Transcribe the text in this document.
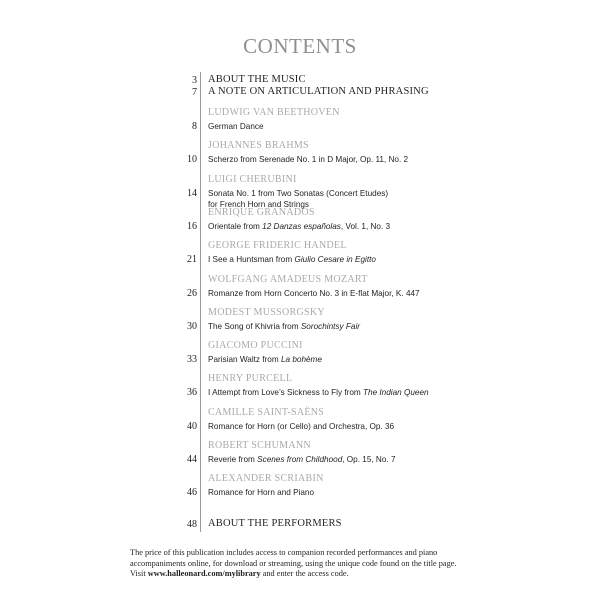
CONTENTS
3 ABOUT THE MUSIC
7 A NOTE ON ARTICULATION AND PHRASING
LUDWIG VAN BEETHOVEN
8 German Dance
JOHANNES BRAHMS
10 Scherzo from Serenade No. 1 in D Major, Op. 11, No. 2
LUIGI CHERUBINI
14 Sonata No. 1 from Two Sonatas (Concert Etudes)
for French Horn and Strings
ENRIQUE GRANADOS
16 Orientale from 12 Danzas españolas, Vol. 1, No. 3
GEORGE FRIDERIC HANDEL
21 I See a Huntsman from Giulio Cesare in Egitto
WOLFGANG AMADEUS MOZART
26 Romanze from Horn Concerto No. 3 in E-flat Major, K. 447
MODEST MUSSORGSKY
30 The Song of Khivria from Sorochintsy Fair
GIACOMO PUCCINI
33 Parisian Waltz from La bohème
HENRY PURCELL
36 I Attempt from Love’s Sickness to Fly from The Indian Queen
CAMILLE SAINT-SAËNS
40 Romance for Horn (or Cello) and Orchestra, Op. 36
ROBERT SCHUMANN
44 Reverie from Scenes from Childhood, Op. 15, No. 7
ALEXANDER SCRIABIN
46 Romance for Horn and Piano
48 ABOUT THE PERFORMERS
The price of this publication includes access to companion recorded performances and piano
accompaniments online, for download or streaming, using the unique code found on the title page.
Visit www.halleonard.com/mylibrary and enter the access code.
